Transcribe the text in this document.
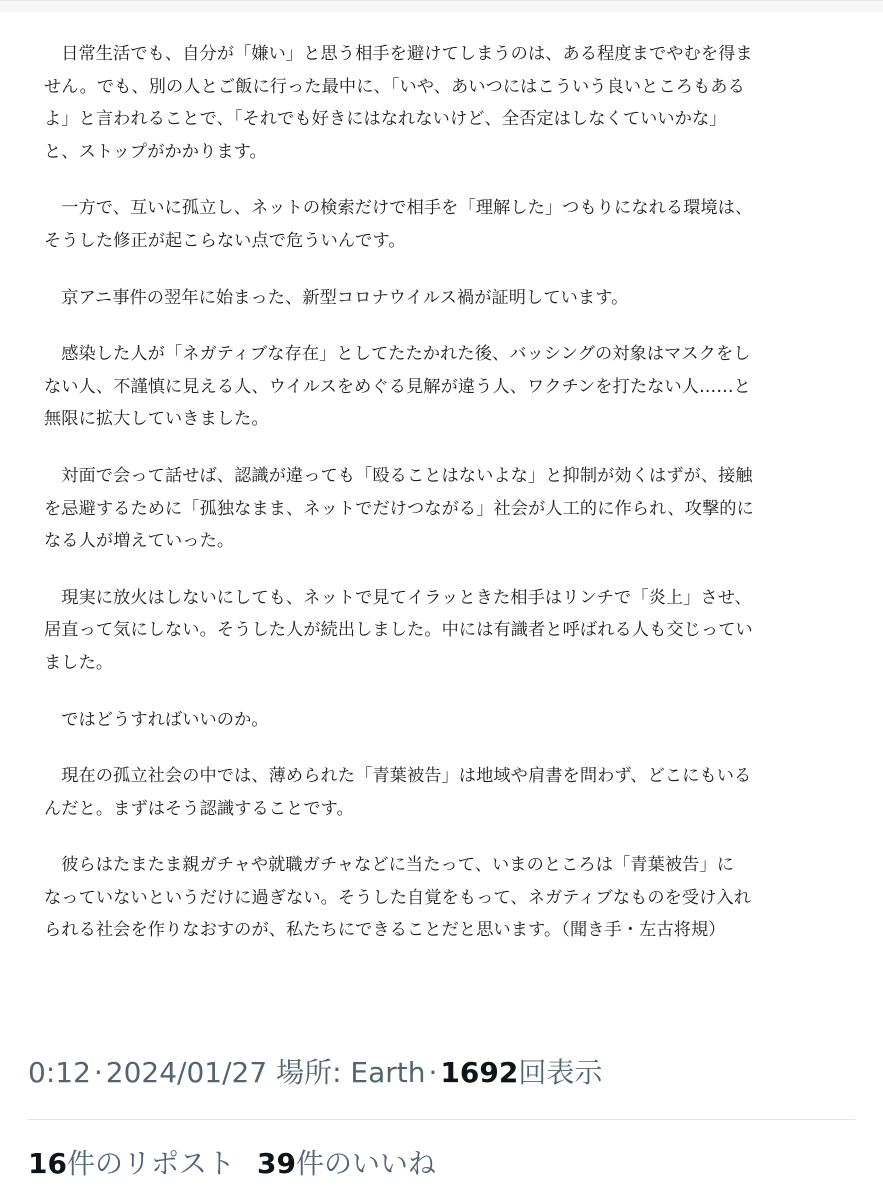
日常生活でも、自分が「嫌い」と思う相手を避けてしまうのは、ある程度までやむを得ま
せん。でも、別の人とご飯に行った最中に、「いや、あいつにはこういう良いところもある
よ」と言われることで、「それでも好きにはなれないけど、全否定はしなくていいかな」
と、ストップがかかります。

一方で、互いに孤立し、ネットの検索だけで相手を「理解した」つもりになれる環境は、
そうした修正が起こらない点で危ういんです。

京アニ事件の翌年に始まった、新型コロナウイルス禍が証明しています。

感染した人が「ネガティブな存在」としてたたかれた後、バッシングの対象はマスクをし
ない人、不謹慎に見える人、ウイルスをめぐる見解が違う人、ワクチンを打たない人……と
無限に拡大していきました。

対面で会って話せば、認識が違っても「殴ることはないよな」と抑制が効くはずが、接触
を忌避するために「孤独なまま、ネットでだけつながる」社会が人工的に作られ、攻撃的に
なる人が増えていった。

現実に放火はしないにしても、ネットで見てイラッときた相手はリンチで「炎上」させ、
居直って気にしない。そうした人が続出しました。中には有識者と呼ばれる人も交じってい
ました。

ではどうすればいいのか。

現在の孤立社会の中では、薄められた「青葉被告」は地域や肩書を問わず、どこにもいる
んだと。まずはそう認識することです。

彼らはたまたま親ガチャや就職ガチャなどに当たって、いまのところは「青葉被告」に
なっていないというだけに過ぎない。そうした自覚をもって、ネガティブなものを受け入れ
られる社会を作りなおすのが、私たちにできることだと思います。（聞き手・左古将規）

0:12 · 2024/01/27 場所: Earth · 1692回表示
16件のリポスト 39件のいいね
